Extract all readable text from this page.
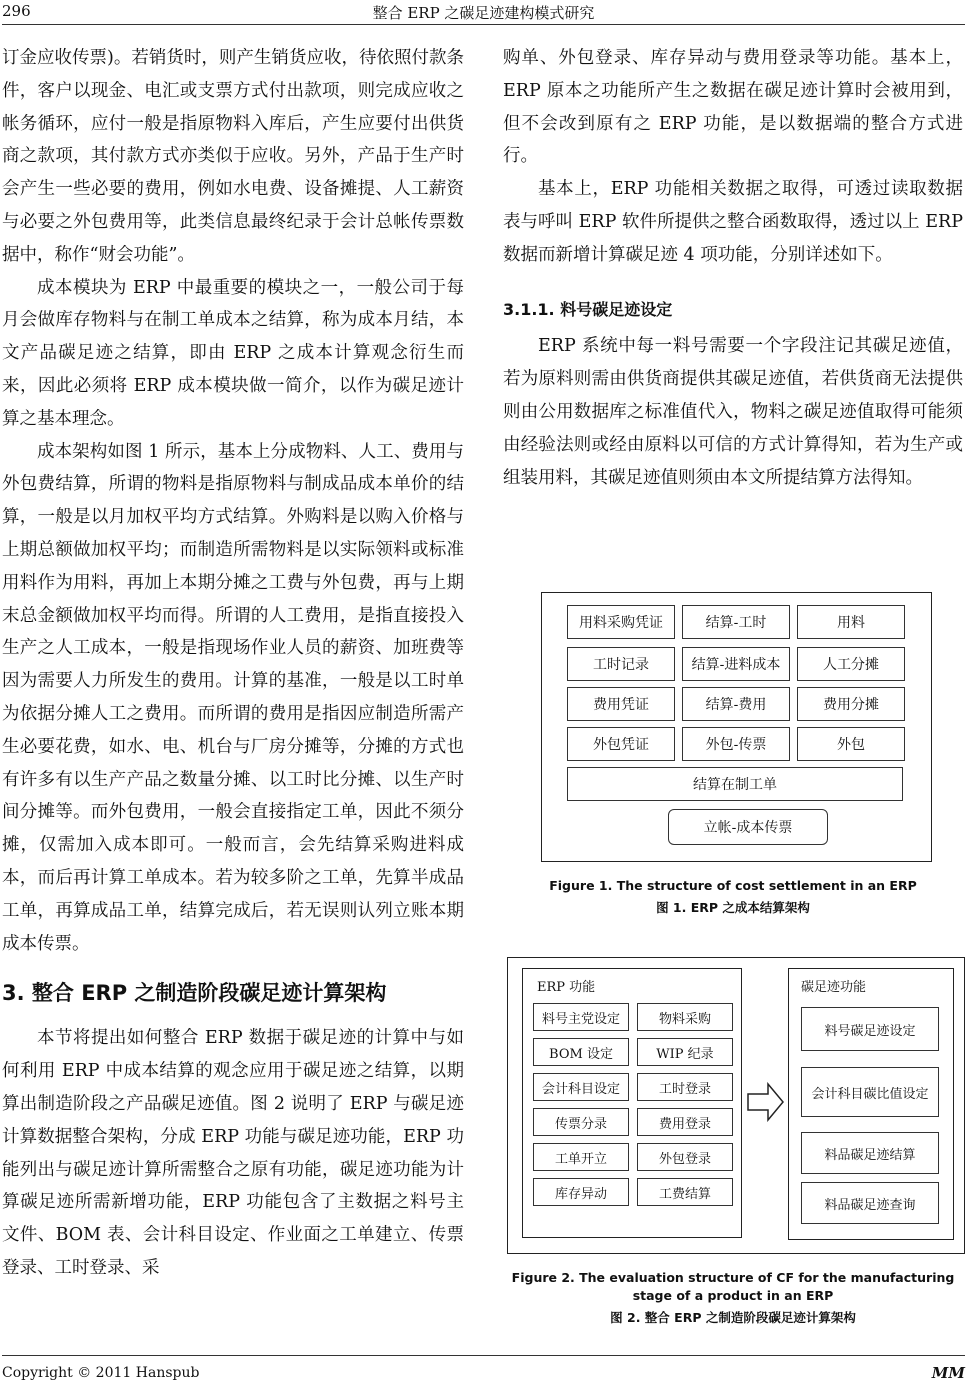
296	整合 ERP 之碳足迹建构模式研究

订金应收传票)。若销货时，则产生销货应收，待依照付款条件，客户以现金、电汇或支票方式付出款项，则完成应收之帐务循环，应付一般是指原物料入库后，产生应要付出供货商之款项，其付款方式亦类似于应收。另外，产品于生产时会产生一些必要的费用，例如水电费、设备摊提、人工薪资与必要之外包费用等，此类信息最终纪录于会计总帐传票数据中，称作“财会功能”。

成本模块为 ERP 中最重要的模块之一，一般公司于每月会做库存物料与在制工单成本之结算，称为成本月结，本文产品碳足迹之结算，即由 ERP 之成本计算观念衍生而来，因此必须将 ERP 成本模块做一简介，以作为碳足迹计算之基本理念。

成本架构如图 1 所示，基本上分成物料、人工、费用与外包费结算，所谓的物料是指原物料与制成品成本单价的结算，一般是以月加权平均方式结算。外购料是以购入价格与上期总额做加权平均；而制造所需物料是以实际领料或标准用料作为用料，再加上本期分摊之工费与外包费，再与上期末总金额做加权平均而得。所谓的人工费用，是指直接投入生产之人工成本，一般是指现场作业人员的薪资、加班费等因为需要人力所发生的费用。计算的基准，一般是以工时单为依据分摊人工之费用。而所谓的费用是指因应制造所需产生必要花费，如水、电、机台与厂房分摊等，分摊的方式也有许多有以生产产品之数量分摊、以工时比分摊、以生产时间分摊等。而外包费用，一般会直接指定工单，因此不须分摊，仅需加入成本即可。一般而言，会先结算采购进料成本，而后再计算工单成本。若为较多阶之工单，先算半成品工单，再算成品工单，结算完成后，若无误则认列立账本期成本传票。

3. 整合 ERP 之制造阶段碳足迹计算架构

本节将提出如何整合 ERP 数据于碳足迹的计算中与如何利用 ERP 中成本结算的观念应用于碳足迹之结算，以期算出制造阶段之产品碳足迹值。图 2 说明了 ERP 与碳足迹计算数据整合架构，分成 ERP 功能与碳足迹功能，ERP 功能列出与碳足迹计算所需整合之原有功能，碳足迹功能为计算碳足迹所需新增功能，ERP 功能包含了主数据之料号主文件、BOM 表、会计科目设定、作业面之工单建立、传票登录、工时登录、采

购单、外包登录、库存异动与费用登录等功能。基本上，ERP 原本之功能所产生之数据在碳足迹计算时会被用到，但不会改到原有之 ERP 功能，是以数据端的整合方式进行。

基本上，ERP 功能相关数据之取得，可透过读取数据表与呼叫 ERP 软件所提供之整合函数取得，透过以上 ERP 数据而新增计算碳足迹 4 项功能，分别详述如下。

3.1.1. 料号碳足迹设定

ERP 系统中每一料号需要一个字段注记其碳足迹值，若为原料则需由供货商提供其碳足迹值，若供货商无法提供则由公用数据库之标准值代入，物料之碳足迹值取得可能须由经验法则或经由原料以可信的方式计算得知，若为生产或组装用料，其碳足迹值则须由本文所提结算方法得知。

用料采购凭证	结算-工时	用料
工时记录	结算-进料成本	人工分摊
费用凭证	结算-费用	费用分摊
外包凭证	外包-传票	外包
结算在制工单
立帐-成本传票
Figure 1. The structure of cost settlement in an ERP
图 1. ERP 之成本结算架构
ERP 功能
料号主党设定
BOM 设定
会计科目设定
传票分录
工单开立
库存异动
物料采购
WIP 纪录
工时登录
费用登录
外包登录
工费结算
碳足迹功能
料号碳足迹设定
会计科目碳比值设定
料品碳足迹结算
料品碳足迹查询
Figure 2. The evaluation structure of CF for the manufacturing
stage of a product in an ERP
图 2. 整合 ERP 之制造阶段碳足迹计算架构
Copyright © 2011 Hanspub	MM
